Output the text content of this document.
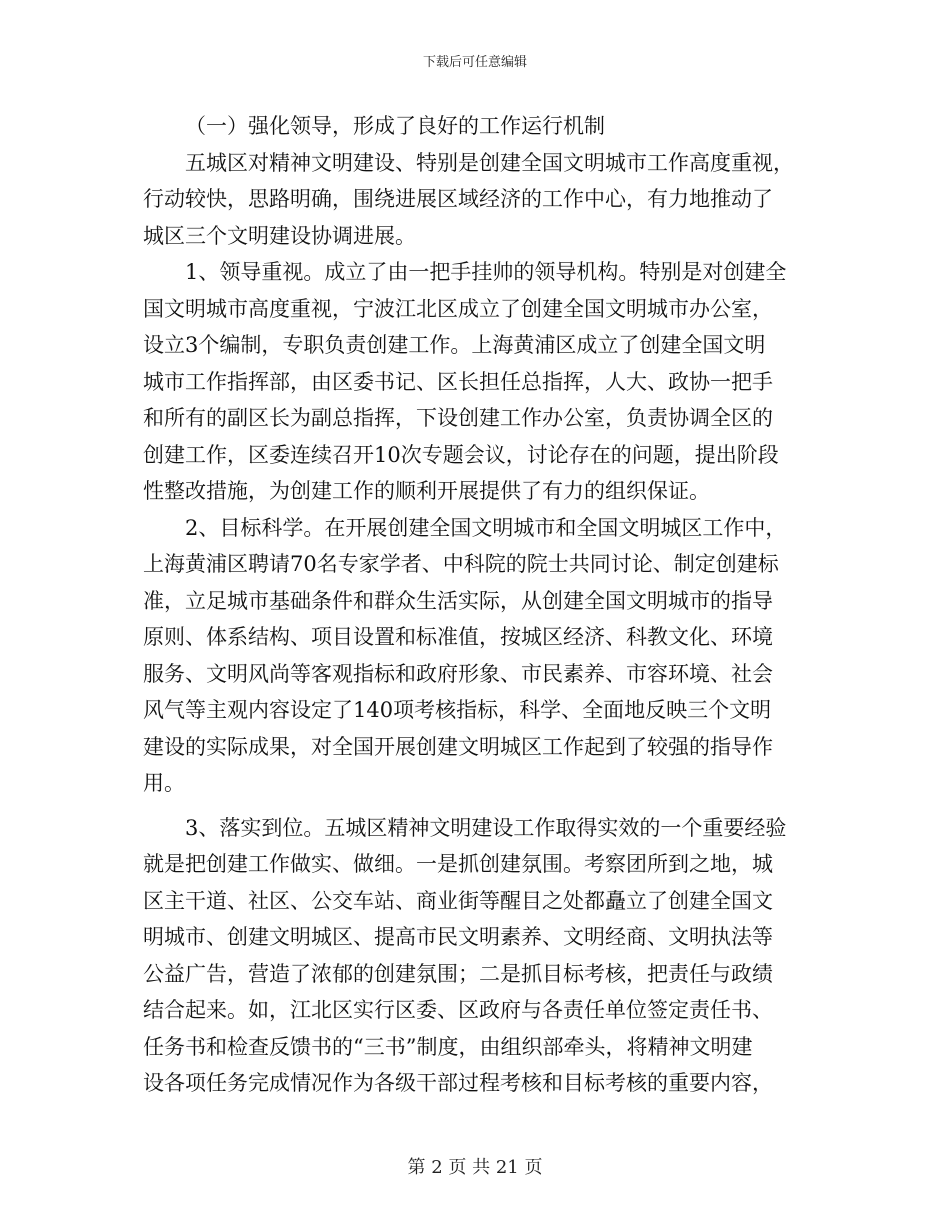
下载后可任意编辑
（一）强化领导，形成了良好的工作运行机制
五城区对精神文明建设、特别是创建全国文明城市工作高度重视，
行动较快，思路明确，围绕进展区域经济的工作中心，有力地推动了
城区三个文明建设协调进展。
1、领导重视。成立了由一把手挂帅的领导机构。特别是对创建全
国文明城市高度重视，宁波江北区成立了创建全国文明城市办公室，
设立3个编制，专职负责创建工作。上海黄浦区成立了创建全国文明
城市工作指挥部，由区委书记、区长担任总指挥，人大、政协一把手
和所有的副区长为副总指挥，下设创建工作办公室，负责协调全区的
创建工作，区委连续召开10次专题会议，讨论存在的问题，提出阶段
性整改措施，为创建工作的顺利开展提供了有力的组织保证。
2、目标科学。在开展创建全国文明城市和全国文明城区工作中，
上海黄浦区聘请70名专家学者、中科院的院士共同讨论、制定创建标
准，立足城市基础条件和群众生活实际，从创建全国文明城市的指导
原则、体系结构、项目设置和标准值，按城区经济、科教文化、环境
服务、文明风尚等客观指标和政府形象、市民素养、市容环境、社会
风气等主观内容设定了140项考核指标，科学、全面地反映三个文明
建设的实际成果，对全国开展创建文明城区工作起到了较强的指导作
用。
3、落实到位。五城区精神文明建设工作取得实效的一个重要经验
就是把创建工作做实、做细。一是抓创建氛围。考察团所到之地，城
区主干道、社区、公交车站、商业街等醒目之处都矗立了创建全国文
明城市、创建文明城区、提高市民文明素养、文明经商、文明执法等
公益广告，营造了浓郁的创建氛围；二是抓目标考核，把责任与政绩
结合起来。如，江北区实行区委、区政府与各责任单位签定责任书、
任务书和检查反馈书的“三书”制度，由组织部牵头，将精神文明建
设各项任务完成情况作为各级干部过程考核和目标考核的重要内容，
第 2 页 共 21 页
